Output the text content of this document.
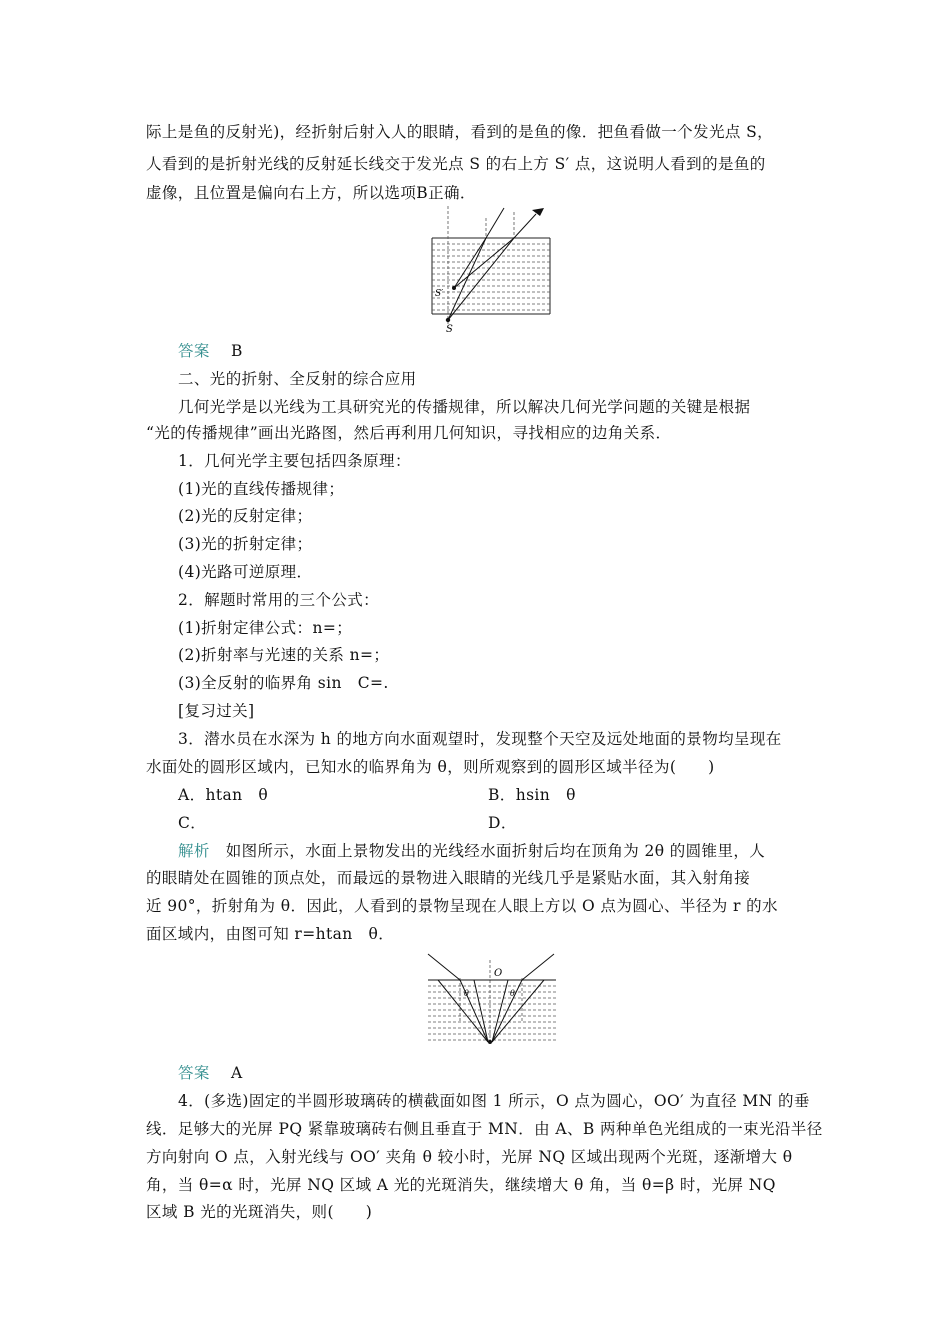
际上是鱼的反射光)，经折射后射入人的眼睛，看到的是鱼的像．把鱼看做一个发光点 S，
人看到的是折射光线的反射延长线交于发光点 S 的右上方 S′ 点，这说明人看到的是鱼的
虚像，且位置是偏向右上方，所以选项B正确．
S
S′
答案　 B
二、光的折射、全反射的综合应用
几何光学是以光线为工具研究光的传播规律，所以解决几何光学问题的关键是根据
“光的传播规律”画出光路图，然后再利用几何知识，寻找相应的边角关系．
1．几何光学主要包括四条原理：
(1)光的直线传播规律；
(2)光的反射定律；
(3)光的折射定律；
(4)光路可逆原理．
2．解题时常用的三个公式：
(1)折射定律公式：n=；
(2)折射率与光速的关系 n=；
(3)全反射的临界角 sin　C=.
[复习过关]
3．潜水员在水深为 h 的地方向水面观望时，发现整个天空及远处地面的景物均呈现在
水面处的圆形区域内，已知水的临界角为 θ，则所观察到的圆形区域半径为(　　)
A．htan　θ	B．hsin　θ
C．	D．
解析　如图所示，水面上景物发出的光线经水面折射后均在顶角为 2θ 的圆锥里，人
的眼睛处在圆锥的顶点处，而最远的景物进入眼睛的光线几乎是紧贴水面，其入射角接
近 90°，折射角为 θ．因此，人看到的景物呈现在人眼上方以 O 点为圆心、半径为 r 的水
面区域内，由图可知 r=htan　θ．
O
θ	θ
答案　 A
4．(多选)固定的半圆形玻璃砖的横截面如图 1 所示，O 点为圆心，OO′ 为直径 MN 的垂
线．足够大的光屏 PQ 紧靠玻璃砖右侧且垂直于 MN．由 A、B 两种单色光组成的一束光沿半径
方向射向 O 点，入射光线与 OO′ 夹角 θ 较小时，光屏 NQ 区域出现两个光斑，逐渐增大 θ
角，当 θ=α 时，光屏 NQ 区域 A 光的光斑消失，继续增大 θ 角，当 θ=β 时，光屏 NQ
区域 B 光的光斑消失，则(　　)
